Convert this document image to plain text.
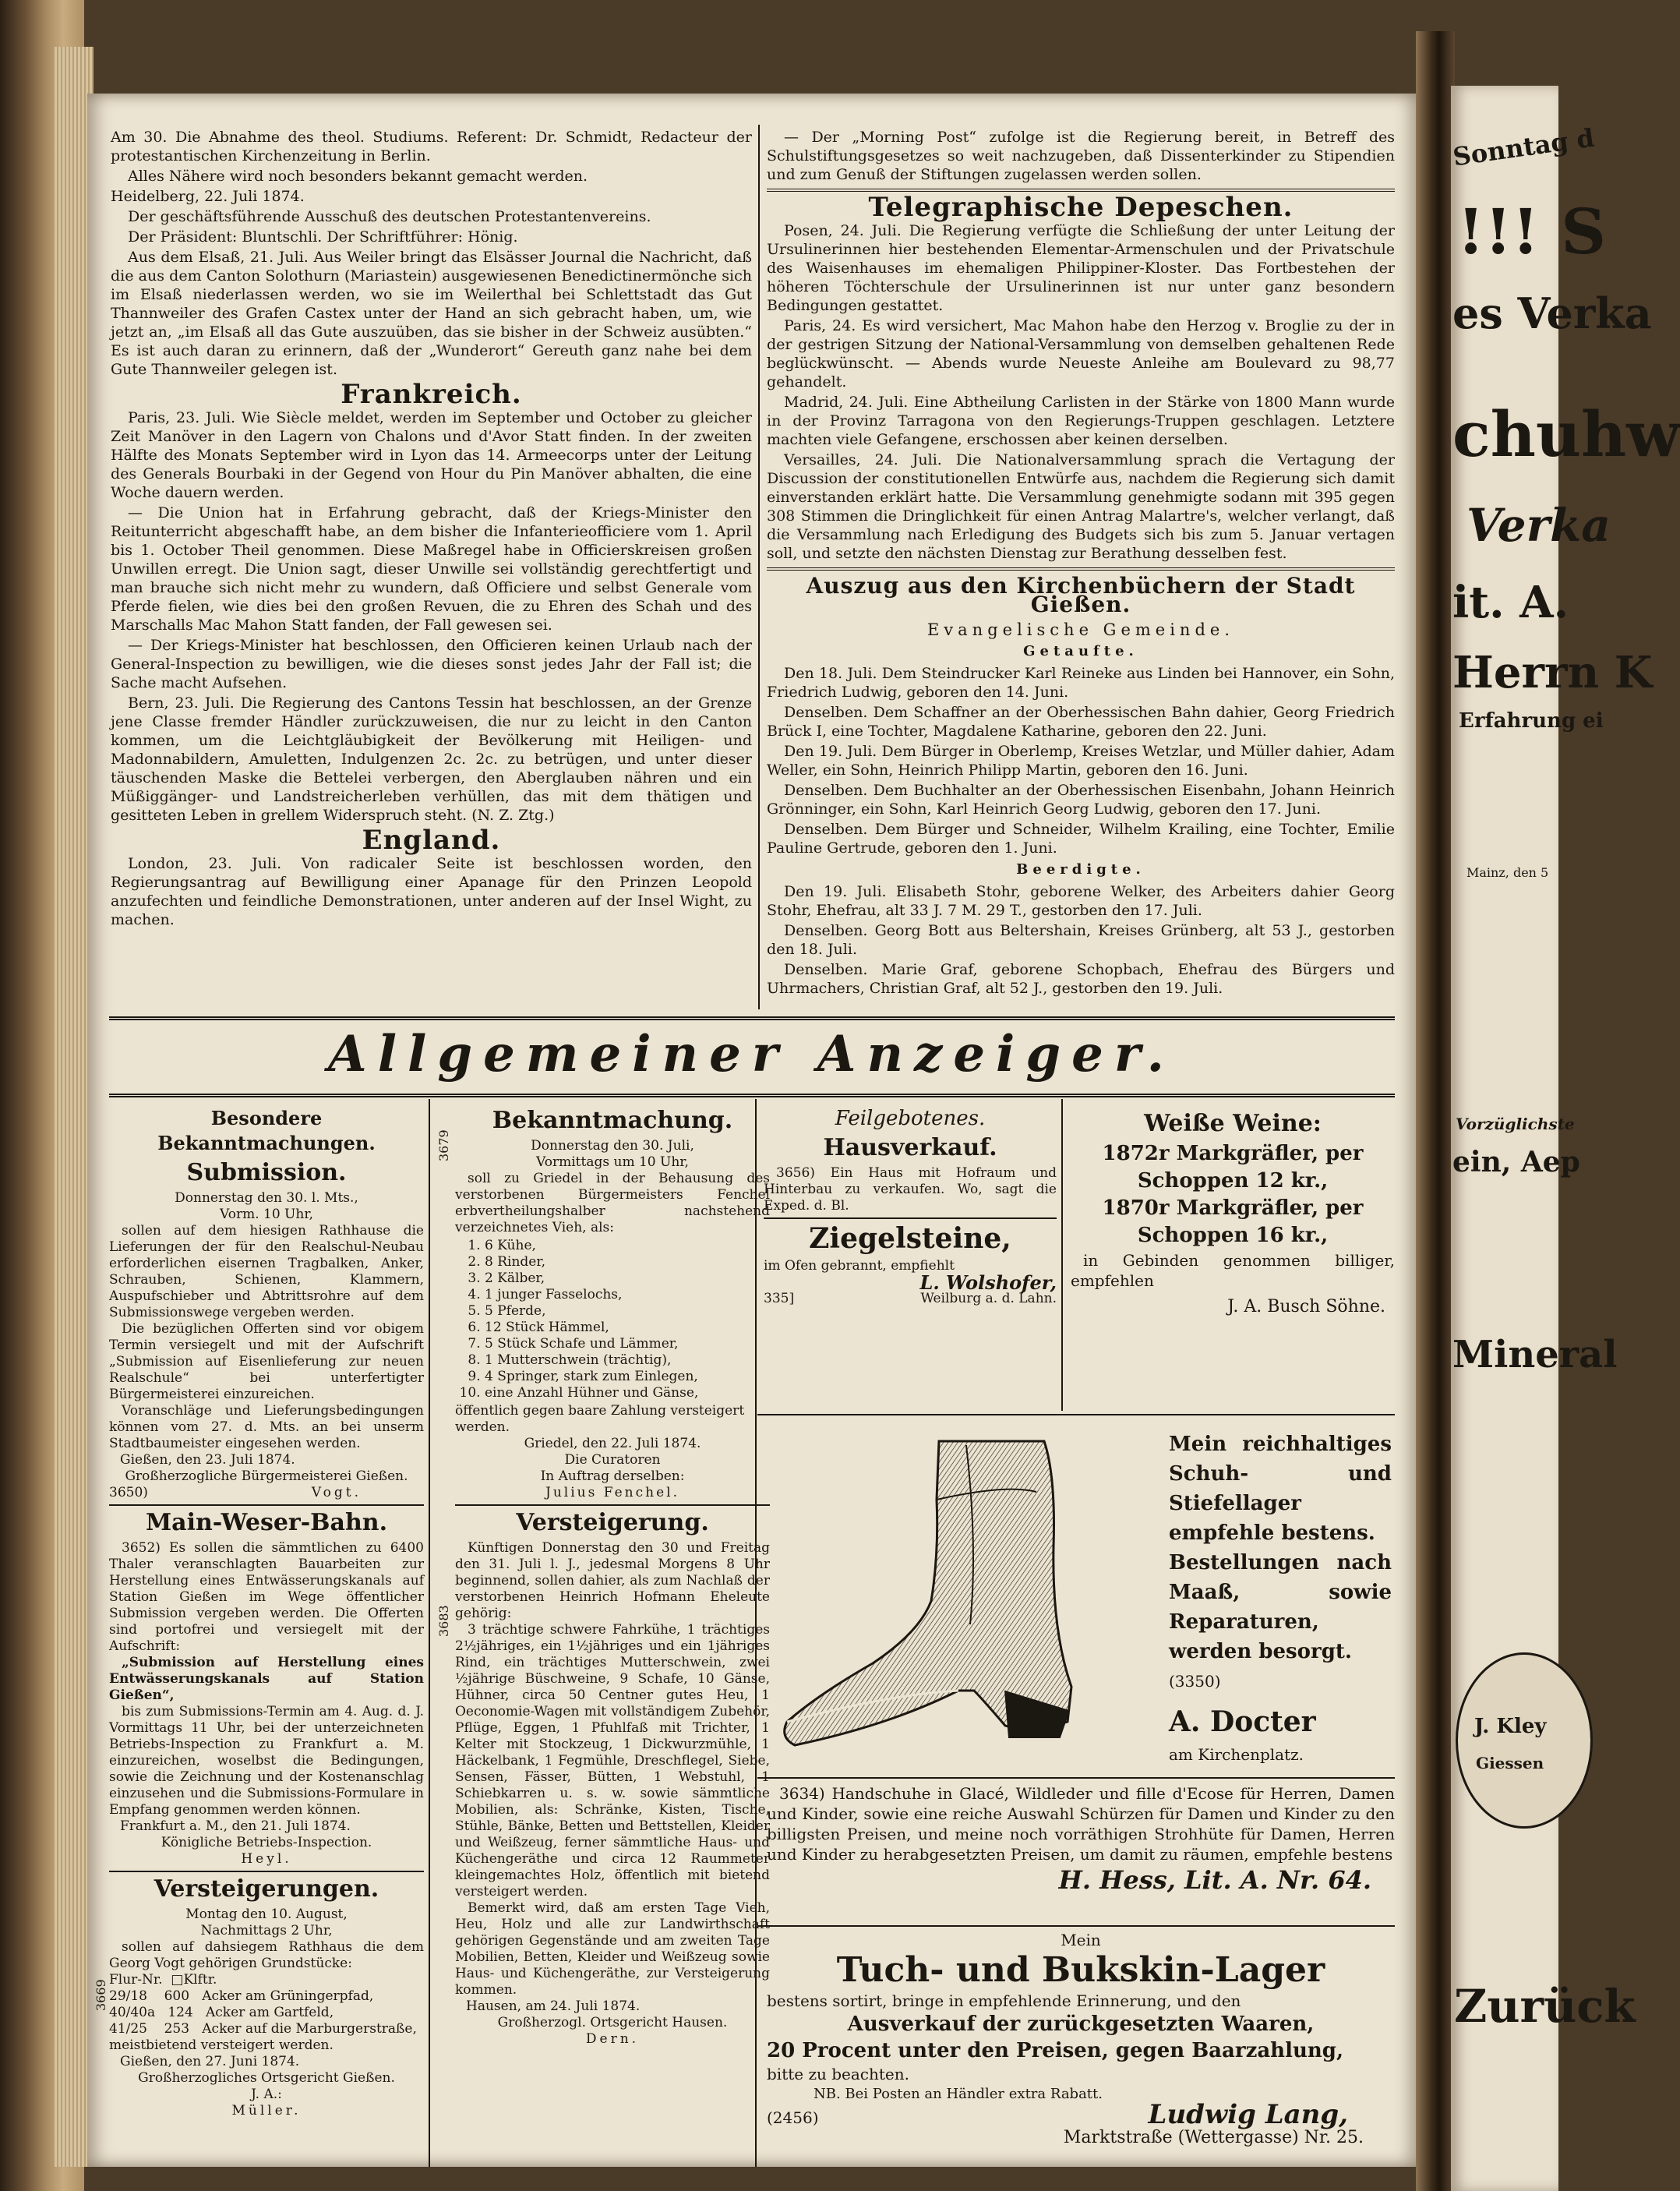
Am 30. Die Abnahme des theol. Studiums. Referent: Dr. Schmidt, Redacteur der protestantischen Kirchenzeitung in Berlin.

Alles Nähere wird noch besonders bekannt gemacht werden.

Heidelberg, 22. Juli 1874.

Der geschäftsführende Ausschuß des deutschen Protestantenvereins.

Der Präsident: Bluntschli. Der Schriftführer: Hönig.

Aus dem Elsaß, 21. Juli. Aus Weiler bringt das Elsässer Journal die Nachricht, daß die aus dem Canton Solothurn (Mariastein) ausgewiesenen Benedictinermönche sich im Elsaß niederlassen werden, wo sie im Weilerthal bei Schlettstadt das Gut Thannweiler des Grafen Castex unter der Hand an sich gebracht haben, um, wie jetzt an, „im Elsaß all das Gute auszuüben, das sie bisher in der Schweiz ausübten.“ Es ist auch daran zu erinnern, daß der „Wunderort“ Gereuth ganz nahe bei dem Gute Thannweiler gelegen ist.

Frankreich.

Paris, 23. Juli. Wie Siècle meldet, werden im September und October zu gleicher Zeit Manöver in den Lagern von Chalons und d'Avor Statt finden. In der zweiten Hälfte des Monats September wird in Lyon das 14. Armeecorps unter der Leitung des Generals Bourbaki in der Gegend von Hour du Pin Manöver abhalten, die eine Woche dauern werden.

— Die Union hat in Erfahrung gebracht, daß der Kriegs-Minister den Reitunterricht abgeschafft habe, an dem bisher die Infanterieofficiere vom 1. April bis 1. October Theil genommen. Diese Maßregel habe in Officierskreisen großen Unwillen erregt. Die Union sagt, dieser Unwille sei vollständig gerechtfertigt und man brauche sich nicht mehr zu wundern, daß Officiere und selbst Generale vom Pferde fielen, wie dies bei den großen Revuen, die zu Ehren des Schah und des Marschalls Mac Mahon Statt fanden, der Fall gewesen sei.

— Der Kriegs-Minister hat beschlossen, den Officieren keinen Urlaub nach der General-Inspection zu bewilligen, wie die dieses sonst jedes Jahr der Fall ist; die Sache macht Aufsehen.

Bern, 23. Juli. Die Regierung des Cantons Tessin hat beschlossen, an der Grenze jene Classe fremder Händler zurückzuweisen, die nur zu leicht in den Canton kommen, um die Leichtgläubigkeit der Bevölkerung mit Heiligen- und Madonnabildern, Amuletten, Indulgenzen 2c. 2c. zu betrügen, und unter dieser täuschenden Maske die Bettelei verbergen, den Aberglauben nähren und ein Müßiggänger- und Landstreicherleben verhüllen, das mit dem thätigen und gesitteten Leben in grellem Widerspruch steht. (N. Z. Ztg.)

England.

London, 23. Juli. Von radicaler Seite ist beschlossen worden, den Regierungsantrag auf Bewilligung einer Apanage für den Prinzen Leopold anzufechten und feindliche Demonstrationen, unter anderen auf der Insel Wight, zu machen.

— Der „Morning Post“ zufolge ist die Regierung bereit, in Betreff des Schulstiftungsgesetzes so weit nachzugeben, daß Dissenterkinder zu Stipendien und zum Genuß der Stiftungen zugelassen werden sollen.

Telegraphische Depeschen.

Posen, 24. Juli. Die Regierung verfügte die Schließung der unter Leitung der Ursulinerinnen hier bestehenden Elementar-Armenschulen und der Privatschule des Waisenhauses im ehemaligen Philippiner-Kloster. Das Fortbestehen der höheren Töchterschule der Ursulinerinnen ist nur unter ganz besondern Bedingungen gestattet.

Paris, 24. Es wird versichert, Mac Mahon habe den Herzog v. Broglie zu der in der gestrigen Sitzung der National-Versammlung von demselben gehaltenen Rede beglückwünscht. — Abends wurde Neueste Anleihe am Boulevard zu 98,77 gehandelt.

Madrid, 24. Juli. Eine Abtheilung Carlisten in der Stärke von 1800 Mann wurde in der Provinz Tarragona von den Regierungs-Truppen geschlagen. Letztere machten viele Gefangene, erschossen aber keinen derselben.

Versailles, 24. Juli. Die Nationalversammlung sprach die Vertagung der Discussion der constitutionellen Entwürfe aus, nachdem die Regierung sich damit einverstanden erklärt hatte. Die Versammlung genehmigte sodann mit 395 gegen 308 Stimmen die Dringlichkeit für einen Antrag Malartre's, welcher verlangt, daß die Versammlung nach Erledigung des Budgets sich bis zum 5. Januar vertagen soll, und setzte den nächsten Dienstag zur Berathung desselben fest.

Auszug aus den Kirchenbüchern der Stadt Gießen.
Evangelische Gemeinde.
Getaufte.

Den 18. Juli. Dem Steindrucker Karl Reineke aus Linden bei Hannover, ein Sohn, Friedrich Ludwig, geboren den 14. Juni.

Denselben. Dem Schaffner an der Oberhessischen Bahn dahier, Georg Friedrich Brück I, eine Tochter, Magdalene Katharine, geboren den 22. Juni.

Den 19. Juli. Dem Bürger in Oberlemp, Kreises Wetzlar, und Müller dahier, Adam Weller, ein Sohn, Heinrich Philipp Martin, geboren den 16. Juni.

Denselben. Dem Buchhalter an der Oberhessischen Eisenbahn, Johann Heinrich Grönninger, ein Sohn, Karl Heinrich Georg Ludwig, geboren den 17. Juni.

Denselben. Dem Bürger und Schneider, Wilhelm Krailing, eine Tochter, Emilie Pauline Gertrude, geboren den 1. Juni.

Beerdigte.

Den 19. Juli. Elisabeth Stohr, geborene Welker, des Arbeiters dahier Georg Stohr, Ehefrau, alt 33 J. 7 M. 29 T., gestorben den 17. Juli.

Denselben. Georg Bott aus Beltershain, Kreises Grünberg, alt 53 J., gestorben den 18. Juli.

Denselben. Marie Graf, geborene Schopbach, Ehefrau des Bürgers und Uhrmachers, Christian Graf, alt 52 J., gestorben den 19. Juli.

Allgemeiner Anzeiger.
Besondere Bekanntmachungen.
Submission.
Donnerstag den 30. l. Mts.,
Vorm. 10 Uhr,

sollen auf dem hiesigen Rathhause die Lieferungen der für den Realschul-Neubau erforderlichen eisernen Tragbalken, Anker, Schrauben, Schienen, Klammern, Auspufschieber und Abtrittsrohre auf dem Submissionswege vergeben werden.

Die bezüglichen Offerten sind vor obigem Termin versiegelt und mit der Aufschrift „Submission auf Eisenlieferung zur neuen Realschule“ bei unterfertigter Bürgermeisterei einzureichen.

Voranschläge und Lieferungsbedingungen können vom 27. d. Mts. an bei unserm Stadtbaumeister eingesehen werden.

Gießen, den 23. Juli 1874.
Großherzogliche Bürgermeisterei Gießen.
3650)	Vogt.
Main-Weser-Bahn.

3652) Es sollen die sämmtlichen zu 6400 Thaler veranschlagten Bauarbeiten zur Herstellung eines Entwässerungskanals auf Station Gießen im Wege öffentlicher Submission vergeben werden. Die Offerten sind portofrei und versiegelt mit der Aufschrift:

„Submission auf Herstellung eines Entwässerungskanals auf Station Gießen“,

bis zum Submissions-Termin am 4. Aug. d. J. Vormittags 11 Uhr, bei der unterzeichneten Betriebs-Inspection zu Frankfurt a. M. einzureichen, woselbst die Bedingungen, sowie die Zeichnung und der Kostenanschlag einzusehen und die Submissions-Formulare in Empfang genommen werden können.

Frankfurt a. M., den 21. Juli 1874.
Königliche Betriebs-Inspection.
Heyl.
Versteigerungen.
Montag den 10. August,
Nachmittags 2 Uhr,

sollen auf dahsiegem Rathhaus die dem Georg Vogt gehörigen Grundstücke:

Flur-Nr.  □Klftr.
29/18    600   Acker am Grüningerpfad,
40/40a   124   Acker am Gartfeld,
41/25    253   Acker auf die Marburgerstraße,
meistbietend versteigert werden.
Gießen, den 27. Juni 1874.
Großherzogliches Ortsgericht Gießen.
J. A.:
Müller.
3669
3679
Bekanntmachung.
Donnerstag den 30. Juli,
Vormittags um 10 Uhr,

soll zu Griedel in der Behausung des verstorbenen Bürgermeisters Fenchel erbvertheilungshalber nachstehend verzeichnetes Vieh, als:

1. 6 Kühe,
2. 8 Rinder,
3. 2 Kälber,
4. 1 junger Fasselochs,
5. 5 Pferde,
6. 12 Stück Hämmel,
7. 5 Stück Schafe und Lämmer,
8. 1 Mutterschwein (trächtig),
9. 4 Springer, stark zum Einlegen,
10. eine Anzahl Hühner und Gänse,
öffentlich gegen baare Zahlung versteigert werden.
Griedel, den 22. Juli 1874.
Die Curatoren
In Auftrag derselben:
Julius Fenchel.
Versteigerung.

Künftigen Donnerstag den 30 und Freitag den 31. Juli l. J., jedesmal Morgens 8 Uhr beginnend, sollen dahier, als zum Nachlaß der verstorbenen Heinrich Hofmann Eheleute gehörig:

3 trächtige schwere Fahrkühe, 1 trächtiges 2½jähriges, ein 1½jähriges und ein 1jähriges Rind, ein trächtiges Mutterschwein, zwei ½jährige Büschweine, 9 Schafe, 10 Gänse, Hühner, circa 50 Centner gutes Heu, 1 Oeconomie-Wagen mit vollständigem Zubehör, Pflüge, Eggen, 1 Pfuhlfaß mit Trichter, 1 Kelter mit Stockzeug, 1 Dickwurzmühle, 1 Häckelbank, 1 Fegmühle, Dreschflegel, Siebe, Sensen, Fässer, Bütten, 1 Webstuhl, 1 Schiebkarren u. s. w. sowie sämmtliche Mobilien, als: Schränke, Kisten, Tische, Stühle, Bänke, Betten und Bettstellen, Kleider und Weißzeug, ferner sämmtliche Haus- und Küchengeräthe und circa 12 Raummeter kleingemachtes Holz, öffentlich mit bietend versteigert werden.

Bemerkt wird, daß am ersten Tage Vieh, Heu, Holz und alle zur Landwirthschaft gehörigen Gegenstände und am zweiten Tage Mobilien, Betten, Kleider und Weißzeug sowie Haus- und Küchengeräthe, zur Versteigerung kommen.

Hausen, am 24. Juli 1874.
Großherzogl. Ortsgericht Hausen.
Dern.
3683
Feilgebotenes.
Hausverkauf.

3656) Ein Haus mit Hofraum und Hinterbau zu verkaufen. Wo, sagt die Exped. d. Bl.

Ziegelsteine,
im Ofen gebrannt, empfiehlt
L. Wolshofer,
335]	Weilburg a. d. Lahn.
Weiße Weine:
1872r Markgräfler, per
Schoppen 12 kr.,
1870r Markgräfler, per
Schoppen 16 kr.,

in Gebinden genommen billiger, empfehlen

J. A. Busch Söhne.
Mein reichhaltiges Schuh- und Stiefellager empfehle bestens.
Bestellungen nach Maaß, sowie Reparaturen, werden besorgt.
(3350)
A. Docter
am Kirchenplatz.

3634) Handschuhe in Glacé, Wildleder und fille d'Ecose für Herren, Damen und Kinder, sowie eine reiche Auswahl Schürzen für Damen und Kinder zu den billigsten Preisen, und meine noch vorräthigen Strohhüte für Damen, Herren und Kinder zu herabgesetzten Preisen, um damit zu räumen, empfehle bestens

H. Hess, Lit. A. Nr. 64.
Mein
Tuch- und Bukskin-Lager
bestens sortirt, bringe in empfehlende Erinnerung, und den
Ausverkauf der zurückgesetzten Waaren,
20 Procent unter den Preisen, gegen Baarzahlung,
bitte zu beachten.
NB. Bei Posten an Händler extra Rabatt.
(2456)	Ludwig Lang,
Marktstraße (Wettergasse) Nr. 25.
Sonntag d
!!! S
es Verka
chuhw
Verka
it. A.
Herrn K
Erfahrung ei
Mainz, den 5
Vorzüglichste
ein, Aep
Mineral
J. Kley
Giessen
Zurück
